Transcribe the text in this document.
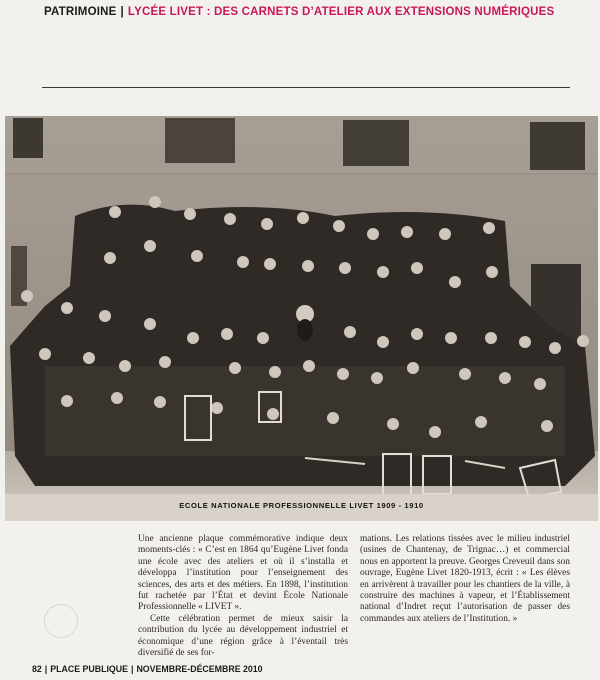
PATRIMOINE | LYCÉE LIVET : DES CARNETS D’ATELIER AUX EXTENSIONS NUMÉRIQUES
ECOLE NATIONALE PROFESSIONNELLE LIVET 1909 - 1910

Une ancienne plaque commémorative indique deux moments-clés : « C’est en 1864 qu’Eugène Livet fonda une école avec des ateliers et où il s’installa et développa l’institution pour l’enseignement des sciences, des arts et des métiers. En 1898, l’institution fut rachetée par l’État et devint École Nationale Professionnelle « LIVET ».

Cette célébration permet de mieux saisir la contribution du lycée au développement industriel et économique d’une région grâce à l’éventail très diversifié de ses for-

mations. Les relations tissées avec le milieu industriel (usines de Chantenay, de Trignac…) et commercial nous en apportent la preuve. Georges Creveuil dans son ouvrage, Eugène Livet 1820-1913, écrit : « Les élèves en arrivèrent à travailler pour les chantiers de la ville, à construire des machines à vapeur, et l’Établissement national d’Indret reçut l’autorisation de passer des commandes aux ateliers de l’Institution. »

82 | PLACE PUBLIQUE | NOVEMBRE-DÉCEMBRE 2010
